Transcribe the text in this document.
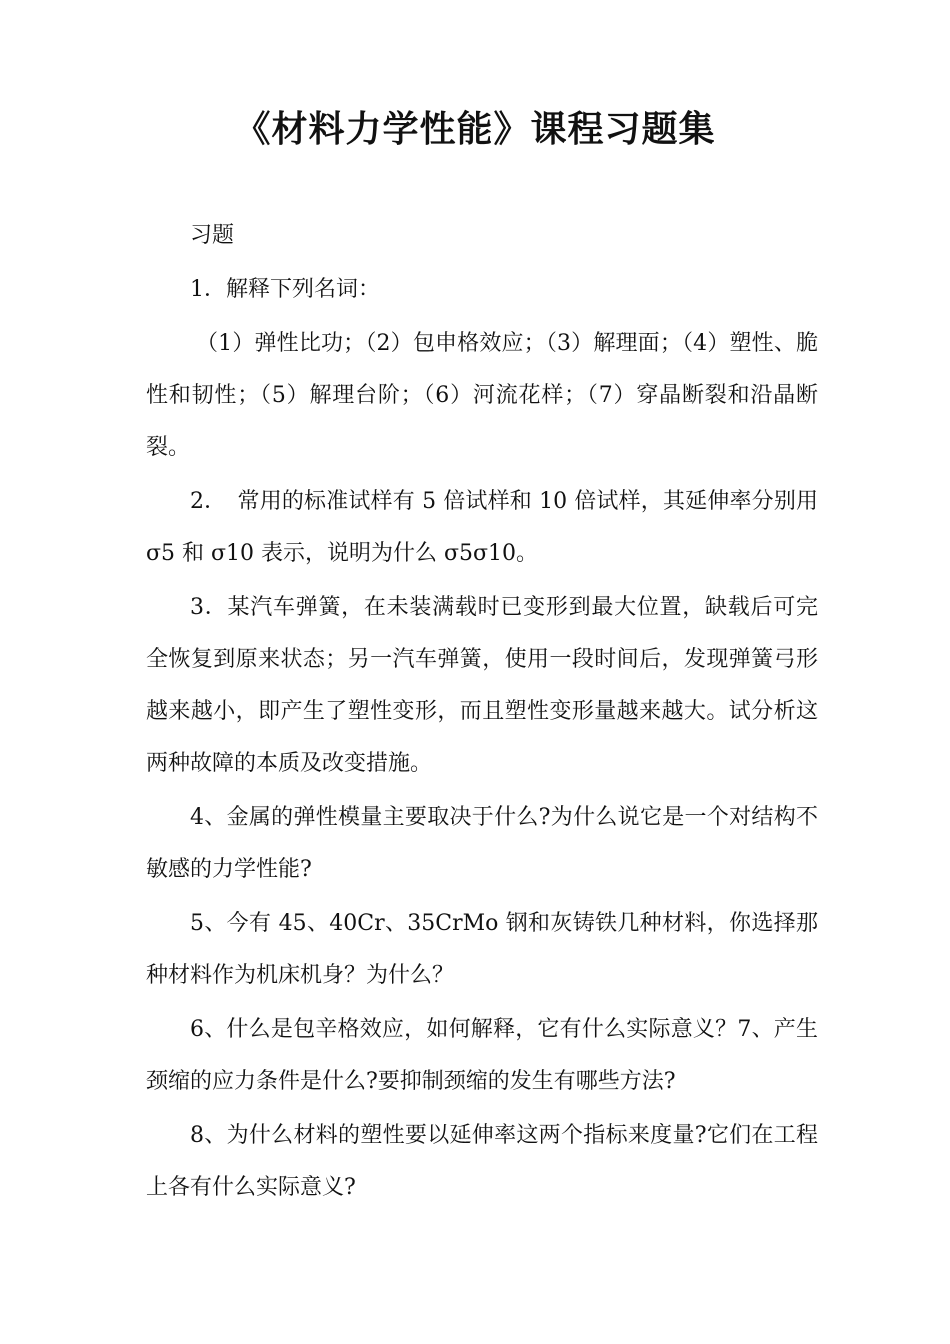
《材料力学性能》课程习题集

习题

1．解释下列名词：

（1）弹性比功；（2）包申格效应；（3）解理面；（4）塑性、脆性和韧性；（5）解理台阶；（6）河流花样；（7）穿晶断裂和沿晶断裂。

2．　常用的标准试样有 5 倍试样和 10 倍试样，其延伸率分别用 σ5 和 σ10 表示，说明为什么 σ5σ10。

3．某汽车弹簧，在未装满载时已变形到最大位置，缺载后可完全恢复到原来状态；另一汽车弹簧，使用一段时间后，发现弹簧弓形越来越小，即产生了塑性变形，而且塑性变形量越来越大。试分析这两种故障的本质及改变措施。

4、金属的弹性模量主要取决于什么?为什么说它是一个对结构不敏感的力学性能?

5、今有 45、40Cr、35CrMo 钢和灰铸铁几种材料，你选择那种材料作为机床机身？为什么？

6、什么是包辛格效应，如何解释，它有什么实际意义？7、产生颈缩的应力条件是什么?要抑制颈缩的发生有哪些方法?

8、为什么材料的塑性要以延伸率这两个指标来度量?它们在工程上各有什么实际意义?
